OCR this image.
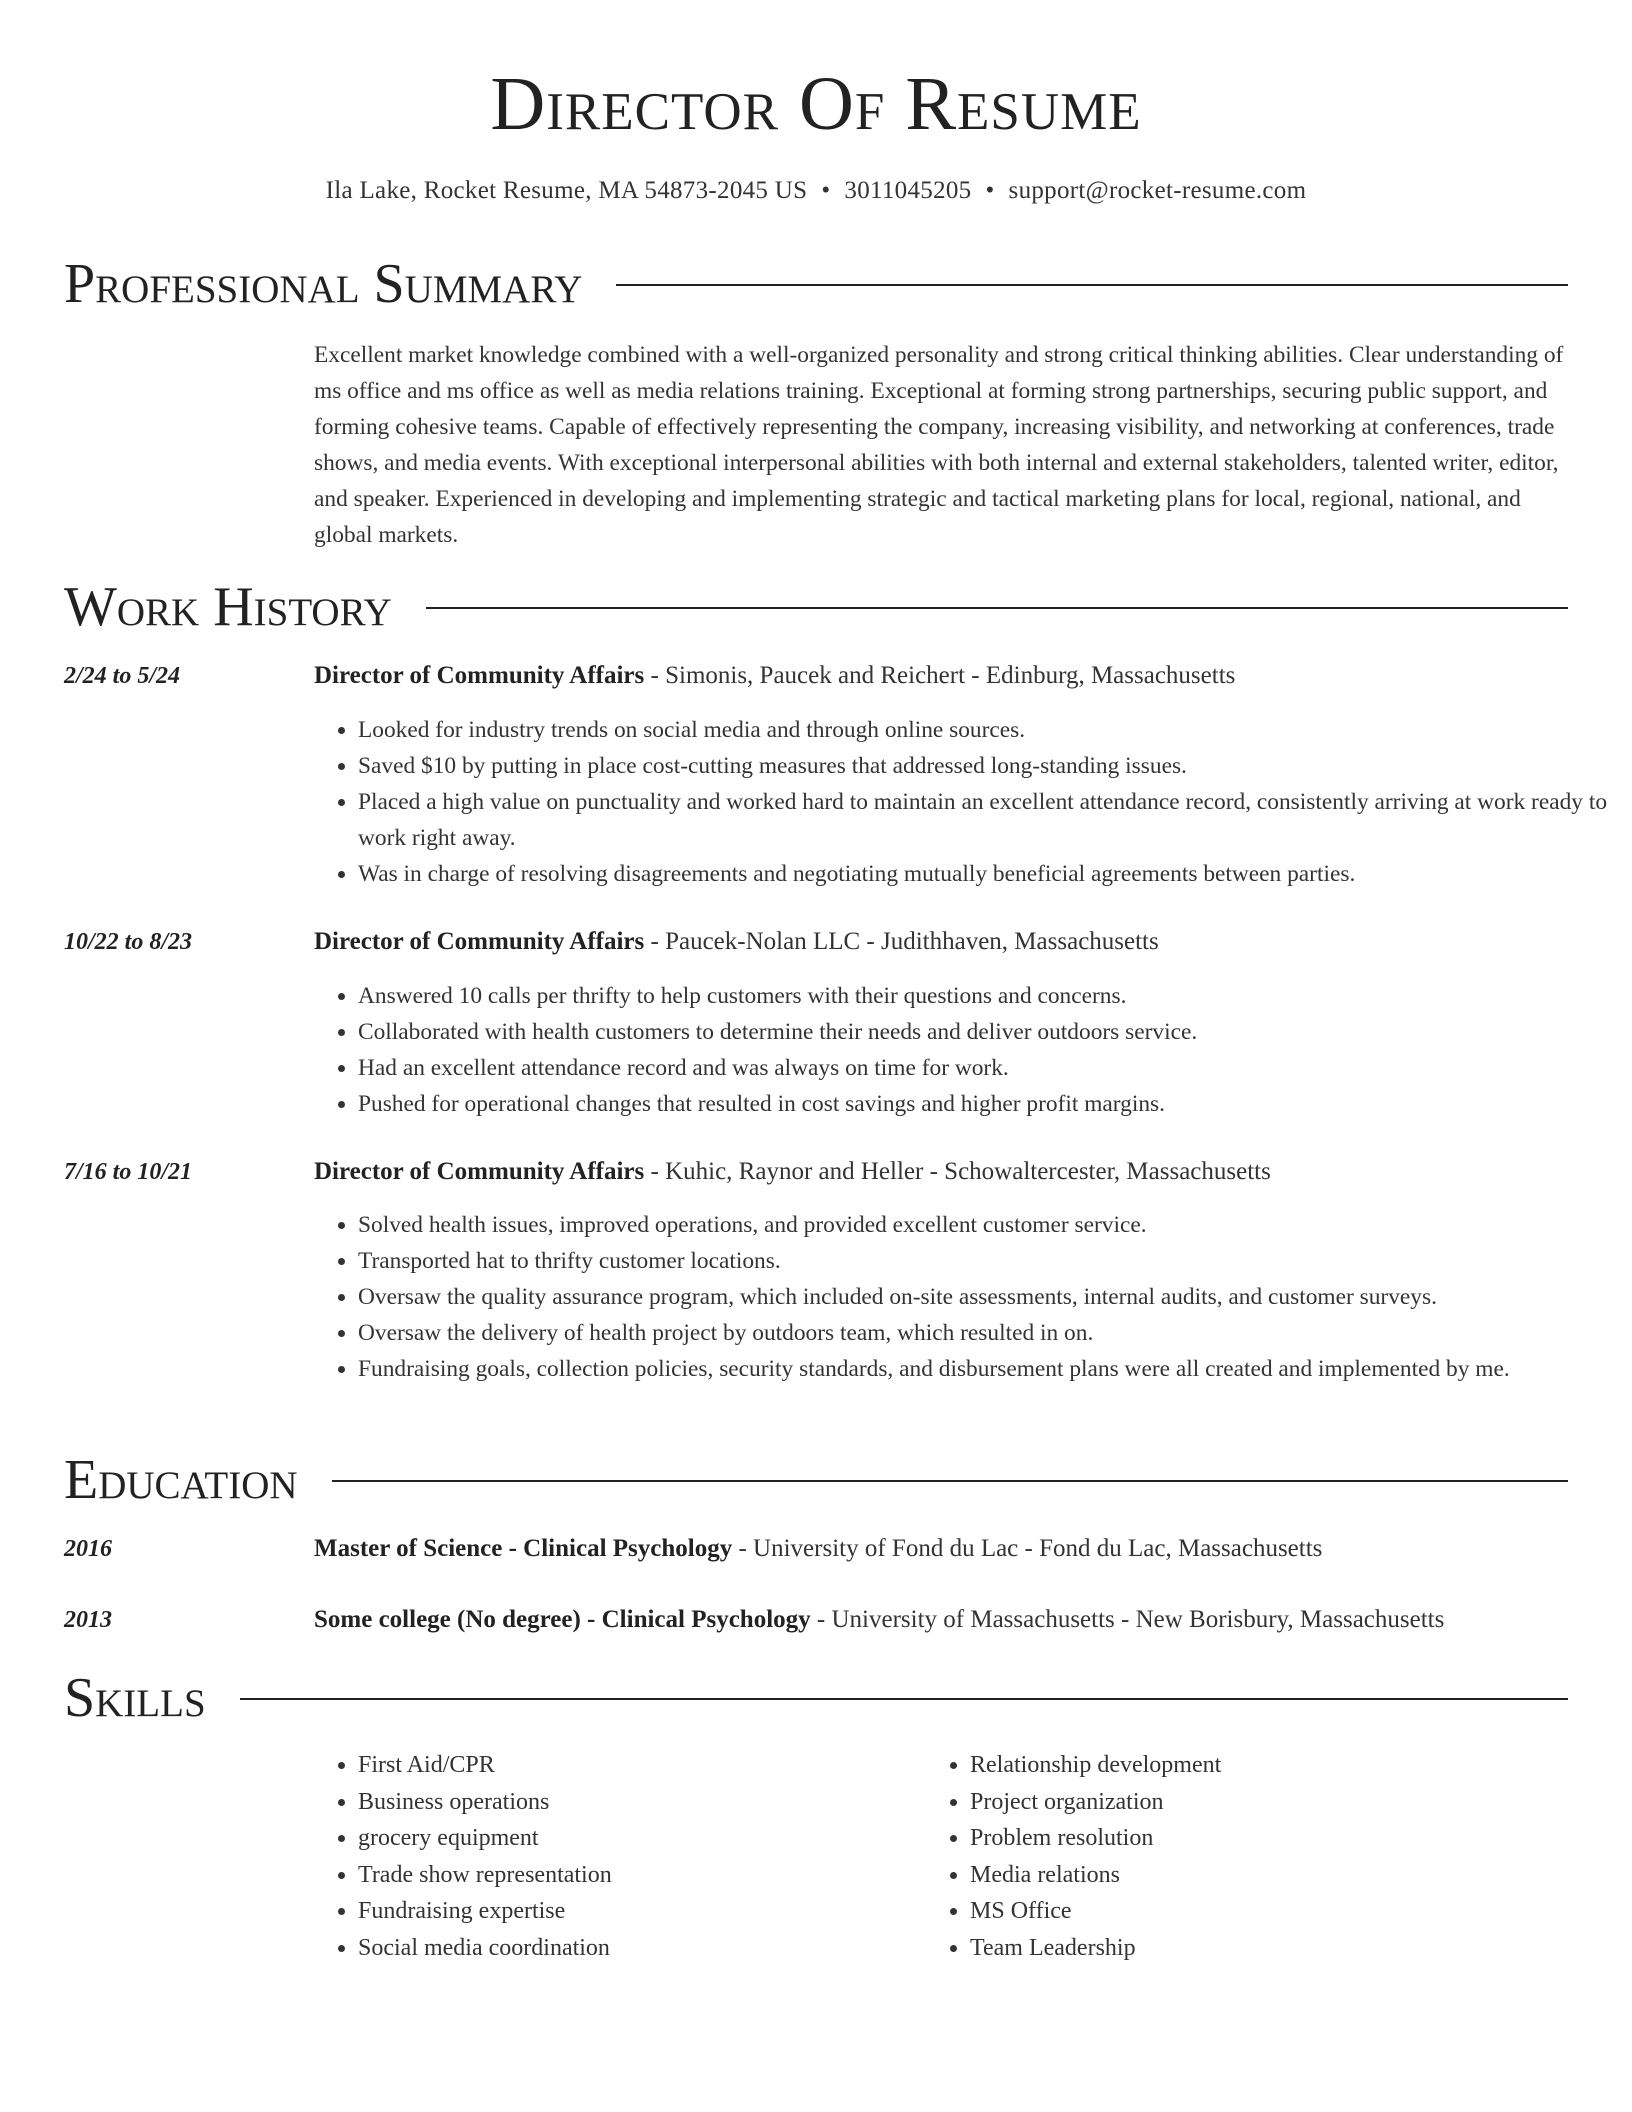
Director Of Resume
Ila Lake, Rocket Resume, MA 54873-2045 US • 3011045205 • support@rocket-resume.com
Professional Summary

Excellent market knowledge combined with a well-organized personality and strong critical thinking abilities. Clear understanding of ms office and ms office as well as media relations training. Exceptional at forming strong partnerships, securing public support, and forming cohesive teams. Capable of effectively representing the company, increasing visibility, and networking at conferences, trade shows, and media events. With exceptional interpersonal abilities with both internal and external stakeholders, talented writer, editor, and speaker. Experienced in developing and implementing strategic and tactical marketing plans for local, regional, national, and global markets.

Work History
2/24 to 5/24	Director of Community Affairs - Simonis, Paucek and Reichert - Edinburg, Massachusetts
• Looked for industry trends on social media and through online sources.
• Saved $10 by putting in place cost-cutting measures that addressed long-standing issues.
• Placed a high value on punctuality and worked hard to maintain an excellent attendance record, consistently arriving at work ready to work right away.
• Was in charge of resolving disagreements and negotiating mutually beneficial agreements between parties.
10/22 to 8/23	Director of Community Affairs - Paucek-Nolan LLC - Judithhaven, Massachusetts
• Answered 10 calls per thrifty to help customers with their questions and concerns.
• Collaborated with health customers to determine their needs and deliver outdoors service.
• Had an excellent attendance record and was always on time for work.
• Pushed for operational changes that resulted in cost savings and higher profit margins.
7/16 to 10/21	Director of Community Affairs - Kuhic, Raynor and Heller - Schowaltercester, Massachusetts
• Solved health issues, improved operations, and provided excellent customer service.
• Transported hat to thrifty customer locations.
• Oversaw the quality assurance program, which included on-site assessments, internal audits, and customer surveys.
• Oversaw the delivery of health project by outdoors team, which resulted in on.
• Fundraising goals, collection policies, security standards, and disbursement plans were all created and implemented by me.
Education
2016	Master of Science - Clinical Psychology - University of Fond du Lac - Fond du Lac, Massachusetts
2013	Some college (No degree) - Clinical Psychology - University of Massachusetts - New Borisbury, Massachusetts
Skills
• First Aid/CPR
• Business operations
• grocery equipment
• Trade show representation
• Fundraising expertise
• Social media coordination
• Relationship development
• Project organization
• Problem resolution
• Media relations
• MS Office
• Team Leadership
